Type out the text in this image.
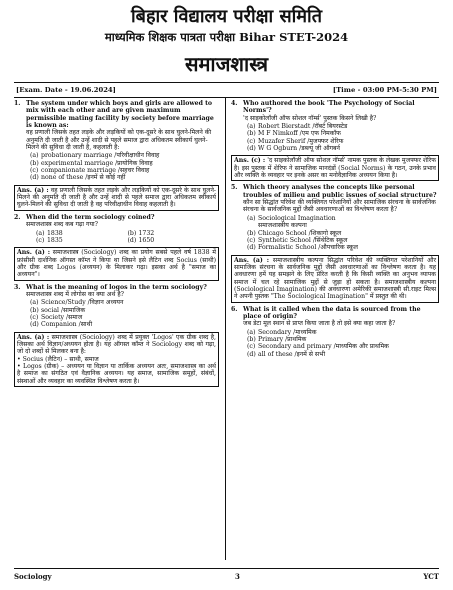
बिहार विद्यालय परीक्षा समिति
माध्यमिक शिक्षक पात्रता परीक्षा Bihar STET-2024
समाजशास्त्र
[Exam. Date - 19.06.2024]	[Time - 03:00 PM-5:30 PM]
1. The system under which boys and girls are allowed to mix with each other and are given maximum permissible mating facility by society before marriage is known as:
वह प्रणाली जिसके तहत लड़के और लड़कियों को एक-दूसरे के साथ घुलने-मिलने की अनुमति दी जाती है और उन्हें शादी से पहले समाज द्वारा अधिकतम स्वीकार्य घुलने-मिलने की सुविधा दी जाती है, कहलाती है:
(a) probationary marriage /परिवीक्षाधीन विवाह
(b) experimental marriage /प्रायोगिक विवाह
(c) companionate marriage /सहचर विवाह
(d) none of these /इनमें से कोई नहीं
Ans. (a) : वह प्रणाली जिसके तहत लड़के और लड़कियों को एक-दूसरे के साथ घुलने-मिलने की अनुमति दी जाती है और उन्हें शादी से पहले समाज द्वारा अधिकतम स्वीकार्य घुलने-मिलने की सुविधा दी जाती है वह परिवीक्षाधीन विवाह कहलाती है।
2. When did the term sociology coined?
समाजशास्त्र शब्द कब गढ़ा गया?
(a) 1838	(b) 1732
(c) 1835	(d) 1650
Ans. (a) : समाजशास्त्र (Sociology) शब्द का प्रयोग सबसे पहले वर्ष 1838 में फ्रांसीसी दार्शनिक ऑगस्त कॉम्त ने किया था जिसने इसे लैटिन शब्द Socius (साथी) और ग्रीक शब्द Logos (अध्ययन) के मिलाकर गढ़ा। इसका अर्थ है "समाज का अध्ययन"।
3. What is the meaning of logos in the term sociology?
समाजशास्त्र शब्द में लोगोस का क्या अर्थ है?
(a) Science/Study /विज्ञान अध्ययन
(b) social /सामाजिक
(c) Society /समाज
(d) Companion /साथी
Ans. (a) : समाजशास्त्र (Sociology) शब्द में प्रयुक्त 'Logos' एक ग्रीक शब्द है, जिसका अर्थ विज्ञान/अध्ययन होता है। यह ऑगस्त कॉम्त ने Sociology शब्द को गढ़ा, जो दो शब्दों से मिलकर बना है:
• Socius (लैटिन) – साथी, समाज
• Logos (ग्रीक) – अध्ययन या विज्ञान या तार्किक अध्ययन अतः, समाजशास्त्र का अर्थ है समाज का संगठित एवं वैज्ञानिक अध्ययन। यह समाज, सामाजिक समूहों, संबंधों, संस्थाओं और व्यवहार का व्यवस्थित विश्लेषण करता है।
4. Who authored the book 'The Psychology of Social Norms'?
'द साइकोलॉजी ऑफ सोशल नॉर्म्स' पुस्तक किसने लिखी है?
(a) Robert Bierstadt /रॉबर्ट बियरस्टेड
(b) M F Nimkoff /एम एफ निमकॉफ
(c) Muzafer Sherif /मुजफ्फर शेरिफ
(d) W G Ogburn /डब्ल्यू जी ऑगबर्न
Ans. (c) : 'द साइकोलॉजी ऑफ सोशल नॉर्म्स' नामक पुस्तक के लेखक मुजफ्फर शेरिफ है। इस पुस्तक में शेरिफ ने सामाजिक मानदंडों (Social Norms) के गठन, उनके प्रभाव और व्यक्ति के व्यवहार पर इनके असर का मनोवैज्ञानिक अध्ययन किया है।
5. Which theory analyses the concepts like personal troubles of milieu and public issues of social structure?
कौन सा सिद्धांत परिवेश की व्यक्तिगत परेशानियों और सामाजिक संरचना के सार्वजनिक संरचना के सार्वजनिक मुद्दों जैसी अवधारणाओं का विश्लेषण करता है?
(a) Sociological Imagination
समाजशास्त्रीय कल्पना
(b) Chicago School /शिकागो स्कूल
(c) Synthetic School /सिंथेटिक स्कूल
(d) Formalistic School /औपचारिक स्कूल
Ans. (a) : समाजशास्त्रीय कल्पना सिद्धांत परिवेश की व्यक्तिगत परेशानियों और सामाजिक संरचना के सार्वजनिक मुद्दों जैसी अवधारणाओं का विश्लेषण करता है। यह अवधारणा हमें यह समझने के लिए प्रेरित करती है कि किसी व्यक्ति का अनुभव व्यापक समाज में चल रहे सामाजिक मुद्दों से जुड़ा हो सकता है। समाजशास्त्रीय कल्पना (Sociological Imagination) की अवधारणा अमेरिकी समाजशास्त्री सी.राइट मिल्स ने अपनी पुस्तक "The Sociological Imagination" में प्रस्तुत की थी।
6. What is it called when the data is sourced from the place of origin?
जब डेटा मूल स्थान से प्राप्त किया जाता है तो इसे क्या कहा जाता है?
(a) Secondary /माध्यमिक
(b) Primary /प्राथमिक
(c) Secondary and primary /माध्यमिक और प्राथमिक
(d) all of these /इनमें से सभी
Sociology	3	YCT
